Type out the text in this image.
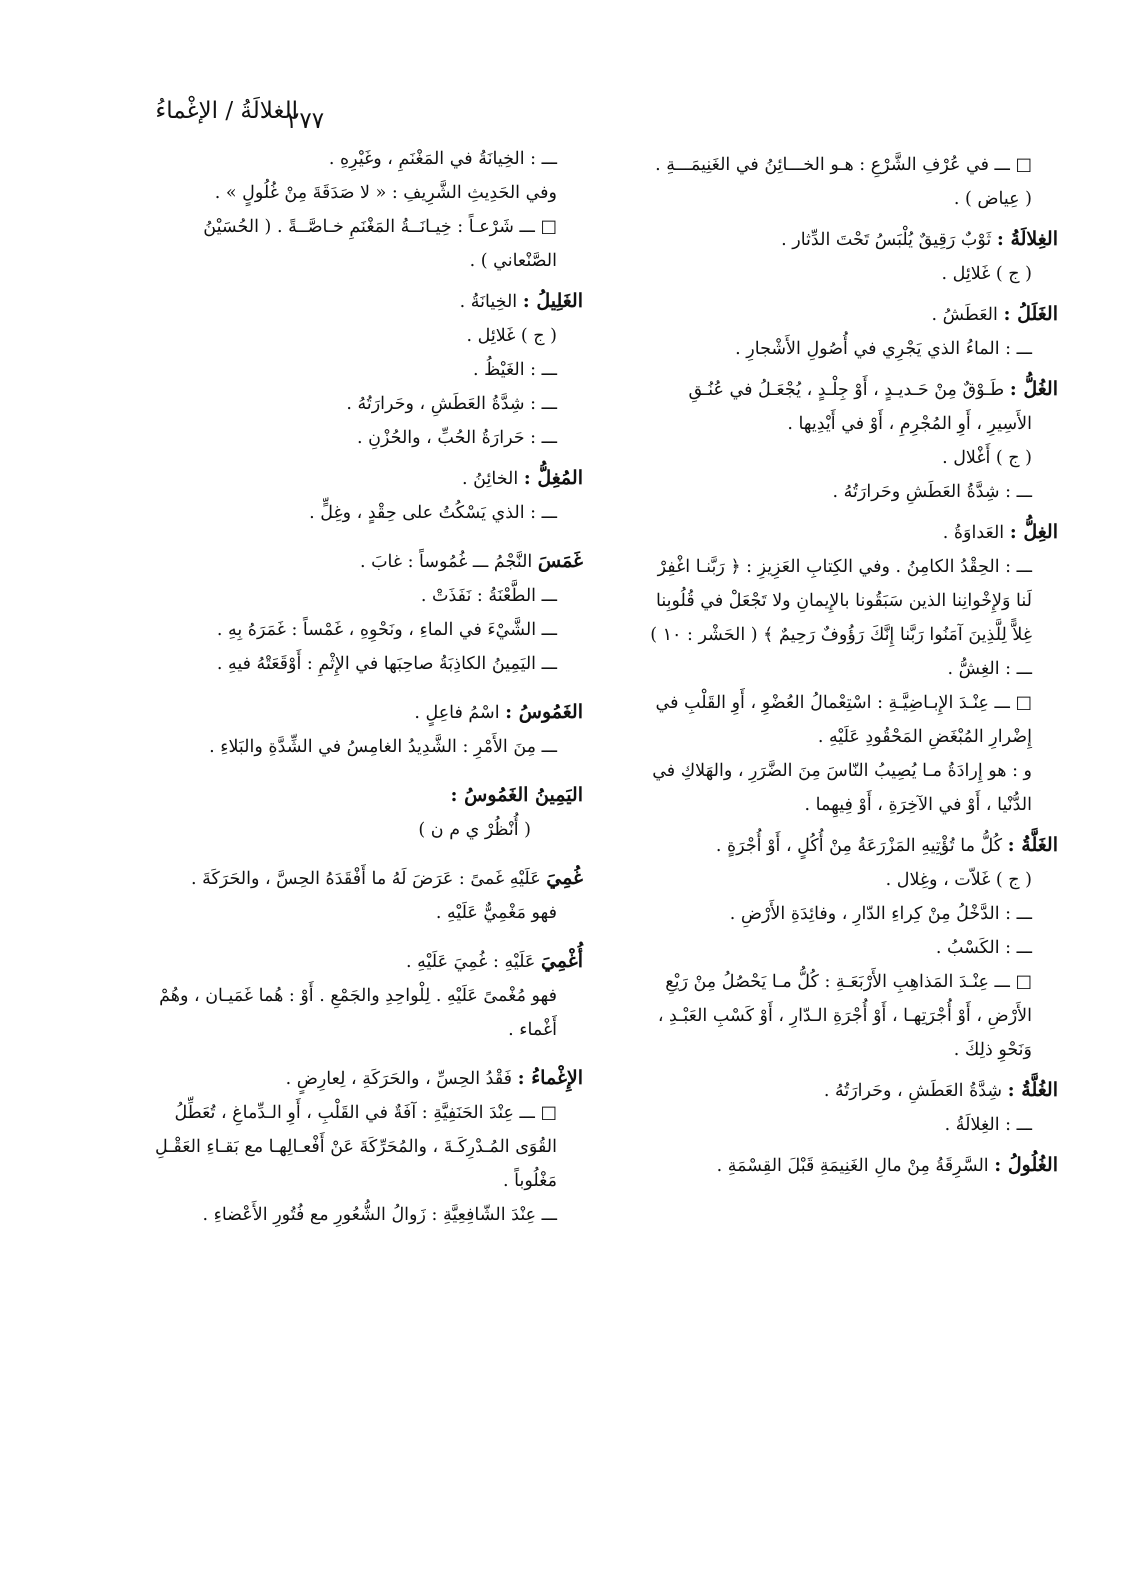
الغلالَةُ / الإغْماءُ
٢٧٧
□ ـــ في عُرْفِ الشَّرْعِ : هـو الخـــائِنُ في الغَنِيمَـــةِ .
( عِياض ) .
الغِلالَةُ : ثَوْبٌ رَقِيقٌ يُلْبَسُ تَحْتَ الدِّثار .
( ج ) غَلائِل .
الغَلَلُ : العَطَشُ .
ـــ : الماءُ الذي يَجْرِي في أُصُولِ الأَشْجارِ .
الغُلُّ : طَـوْقٌ مِنْ حَـديـدٍ ، أَوْ جِلْـدٍ ، يُجْعَـلُ في عُنُـقِ
الأَسِيرِ ، أَوِ المُجْرِمِ ، أَوْ في أَيْدِيها .
( ج ) أَغْلال .
ـــ : شِدَّةُ العَطَشِ وحَرارَتُهُ .
الغِلُّ : العَداوَةُ .
ـــ : الحِقْدُ الكامِنُ . وفي الكِتابِ العَزِيزِ : ﴿ رَبَّنـا اغْفِرْ
لَنا وَلإِخْوانِنا الذين سَبَقُونا بالإِيمانِ ولا تَجْعَلْ في قُلُوبِنا
غِلاًّ لِلَّذِينَ آمَنُوا رَبَّنا إِنَّكَ رَؤُوفٌ رَحِيمٌ ﴾ ( الحَشْر : ١٠ )
ـــ : الغِشُّ .
□ ـــ عِنْـدَ الإِبـاضِيَّـةِ : اسْتِعْمالُ العُضْوِ ، أَوِ القَلْبِ في
إِضْرارِ المُبْغَضِ المَحْقُودِ عَلَيْهِ .
و : هو إِرادَةُ مـا يُصِيبُ النّاسَ مِنَ الضَّرَرِ ، والهَلاكِ في
الدُّنْيا ، أَوْ في الآخِرَةِ ، أَوْ فِيهِما .
الغَلَّةُ : كُلُّ ما تُؤْتِيهِ المَزْرَعَةُ مِنْ أُكُلٍ ، أَوْ أُجْرَةٍ .
( ج ) غَلاّت ، وغِلال .
ـــ : الدَّخْلُ مِنْ كِراءِ الدّارِ ، وفائِدَةِ الأَرْضِ .
ـــ : الكَسْبُ .
□ ـــ عِنْـدَ المَذاهِبِ الأَرْبَعَـةِ : كُلُّ مـا يَحْصُلُ مِنْ رَيْعِ
الأَرْضِ ، أَوْ أُجْرَتِهـا ، أَوْ أُجْرَةِ الـدّارِ ، أَوْ كَسْبِ العَبْـدِ ،
وَنَحْوِ ذلِكَ .
الغُلَّةُ : شِدَّةُ العَطَشِ ، وحَرارَتُهُ .
ـــ : الغِلالَةُ .
الغُلُولُ : السَّرِقَةُ مِنْ مالِ الغَنِيمَةِ قَبْلَ القِسْمَةِ .
ـــ : الخِيانَةُ في المَغْنَمِ ، وغَيْرِهِ .
وفي الحَدِيثِ الشَّرِيفِ : « لا صَدَقَةَ مِنْ غُلُولٍ » .
□ ـــ شَرْعـاً : خِيـانَــةُ المَغْنَمِ خـاصَّــةً . ( الحُسَيْنُ
الصَّنْعاني ) .
الغَلِيلُ : الخِيانَةُ .
( ج ) غَلائِل .
ـــ : الغَيْظُ .
ـــ : شِدَّةُ العَطَشِ ، وحَرارَتُهُ .
ـــ : حَرارَةُ الحُبِّ ، والحُزْنِ .
المُغِلُّ : الخائِنُ .
ـــ : الذي يَسْكُتُ على حِقْدٍ ، وغِلٍّ .
غَمَسَ النَّجْمُ ـــ غُمُوساً : غابَ .
ـــ الطَّعْنَةُ : نَفَذَتْ .
ـــ الشَّيْءَ في الماءِ ، ونَحْوِهِ ، غَمْساً : غَمَرَهُ بِهِ .
ـــ اليَمِينُ الكاذِبَةُ صاحِبَها في الإِثْمِ : أَوْقَعَتْهُ فيهِ .
الغَمُوسُ : اسْمُ فاعِلٍ .
ـــ مِنَ الأَمْرِ : الشَّدِيدُ الغامِسُ في الشِّدَّةِ والبَلاءِ .
اليَمِينُ الغَمُوسُ :
( أُنْظُرْ ي م ن )
غُمِيَ عَلَيْهِ غَمىً : عَرَضَ لَهُ ما أَفْقَدَهُ الحِسَّ ، والحَرَكَةَ .
فهو مَغْمِيٌّ عَلَيْهِ .
أُغْمِيَ عَلَيْهِ : غُمِيَ عَلَيْهِ .
فهو مُغْمىً عَلَيْهِ . لِلْواحِدِ والجَمْعِ . أَوْ : هُما غَمَيـان ، وهُمْ
أَغْماء .
الإِغْماءُ : فَقْدُ الحِسِّ ، والحَرَكَةِ ، لِعارِضٍ .
□ ـــ عِنْدَ الحَنَفِيَّةِ : آفَةٌ في القَلْبِ ، أَوِ الـدِّماغِ ، تُعَطِّلُ
القُوَى المُـدْرِكَـةَ ، والمُحَرِّكَةَ عَنْ أَفْعـالِهـا مع بَقـاءِ العَقْـلِ
مَغْلُوباً .
ـــ عِنْدَ الشّافِعِيَّةِ : زَوالُ الشُّعُورِ مع فُتُورِ الأَعْضاءِ .
